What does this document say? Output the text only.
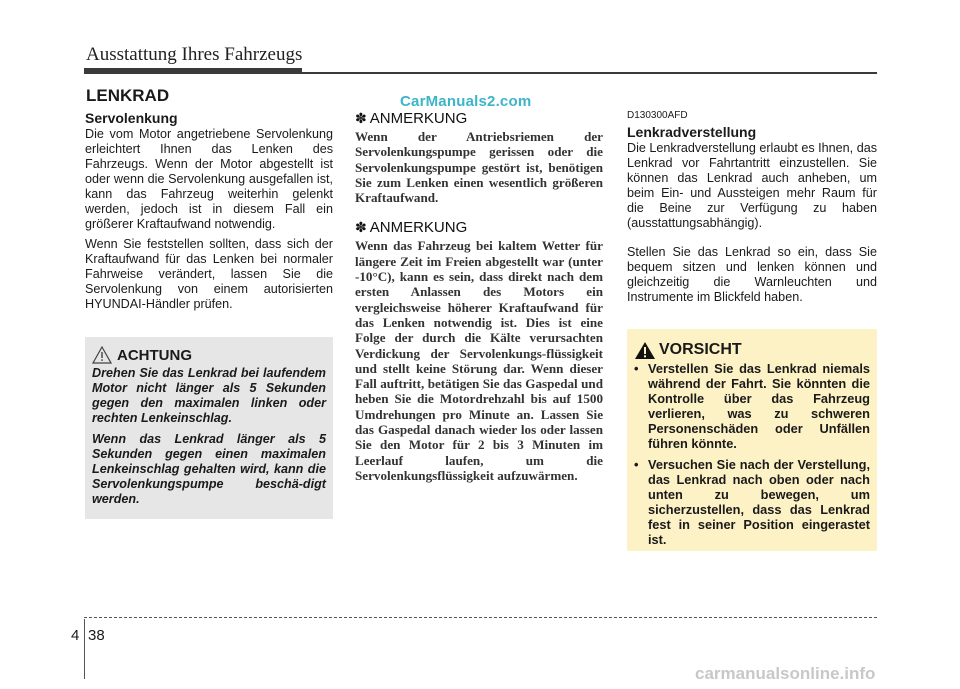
Ausstattung Ihres Fahrzeugs
LENKRAD	CarManuals2.com

Servolenkung

Die vom Motor angetriebene Servolenkung erleichtert Ihnen das Lenken des Fahrzeugs. Wenn der Motor abgestellt ist oder wenn die Servolenkung ausgefallen ist, kann das Fahrzeug weiterhin gelenkt werden, jedoch ist in diesem Fall ein größerer Kraftaufwand notwendig.

Wenn Sie feststellen sollten, dass sich der Kraftaufwand für das Lenken bei normaler Fahrweise verändert, lassen Sie die Servolenkung von einem autorisierten HYUNDAI-Händler prüfen.

ACHTUNG

Drehen Sie das Lenkrad bei laufendem Motor nicht länger als 5 Sekunden gegen den maximalen linken oder rechten Lenkeinschlag.

Wenn das Lenkrad länger als 5 Sekunden gegen einen maximalen Lenkeinschlag gehalten wird, kann die Servolenkungspumpe beschä-digt werden.

✽ ANMERKUNG

Wenn der Antriebsriemen der Servolenkungspumpe gerissen oder die Servolenkungspumpe gestört ist, benötigen Sie zum Lenken einen wesentlich größeren Kraftaufwand.

✽ ANMERKUNG

Wenn das Fahrzeug bei kaltem Wetter für längere Zeit im Freien abgestellt war (unter -10°C), kann es sein, dass direkt nach dem ersten Anlassen des Motors ein vergleichsweise höherer Kraftaufwand für das Lenken notwendig ist. Dies ist eine Folge der durch die Kälte verursachten Verdickung der Servolenkungs-flüssigkeit und stellt keine Störung dar. Wenn dieser Fall auftritt, betätigen Sie das Gaspedal und heben Sie die Motordrehzahl bis auf 1500 Umdrehungen pro Minute an. Lassen Sie das Gaspedal danach wieder los oder lassen Sie den Motor für 2 bis 3 Minuten im Leerlauf laufen, um die Servolenkungsflüssigkeit aufzuwärmen.

D130300AFD

Lenkradverstellung

Die Lenkradverstellung erlaubt es Ihnen, das Lenkrad vor Fahrtantritt einzustellen. Sie können das Lenkrad auch anheben, um beim Ein- und Aussteigen mehr Raum für die Beine zur Verfügung zu haben (ausstattungsabhängig).

Stellen Sie das Lenkrad so ein, dass Sie bequem sitzen und lenken können und gleichzeitig die Warnleuchten und Instrumente im Blickfeld haben.

VORSICHT
• Verstellen Sie das Lenkrad niemals während der Fahrt. Sie könnten die Kontrolle über das Fahrzeug verlieren, was zu schweren Personenschäden oder Unfällen führen könnte.
• Versuchen Sie nach der Verstellung, das Lenkrad nach oben oder nach unten zu bewegen, um sicherzustellen, dass das Lenkrad fest in seiner Position eingerastet ist.
4 38
carmanualsonline.info
